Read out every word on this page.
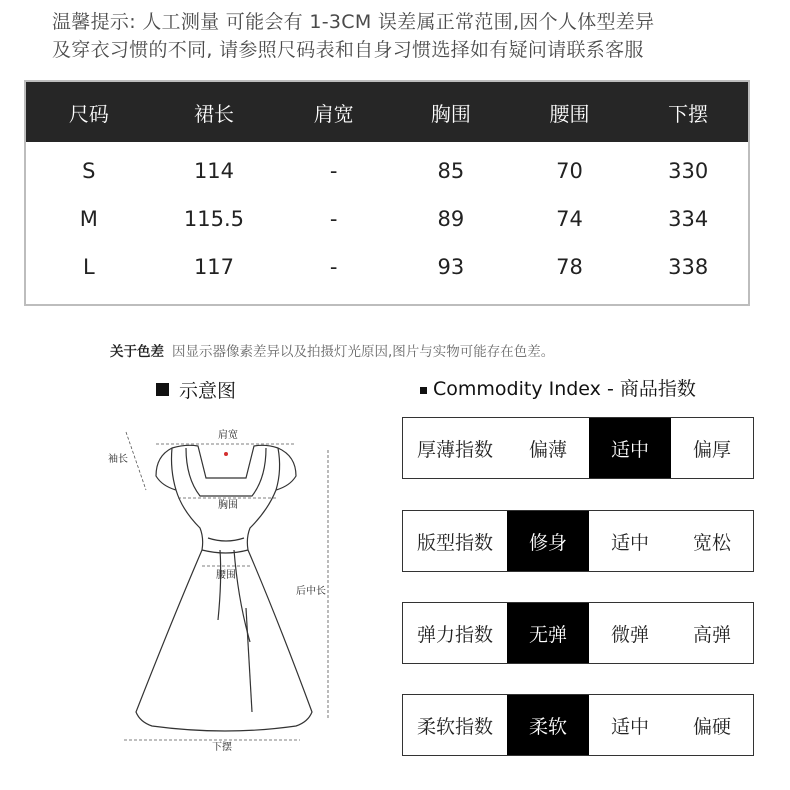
温馨提示: 人工测量 可能会有 1-3CM 误差属正常范围,因个人体型差异
及穿衣习惯的不同, 请参照尺码表和自身习惯选择如有疑问请联系客服
尺码	裙长	肩宽	胸围	腰围	下摆
S	114	-	85	70	330
M	115.5	-	89	74	334
L	117	-	93	78	338
关于色差 因显示器像素差异以及拍摄灯光原因,图片与实物可能存在色差。
示意图	Commodity Index - 商品指数
肩宽
袖长
胸围
腰围
后中长
下摆
厚薄指数	偏薄	适中	偏厚
版型指数	修身	适中	宽松
弹力指数	无弹	微弹	高弹
柔软指数	柔软	适中	偏硬
